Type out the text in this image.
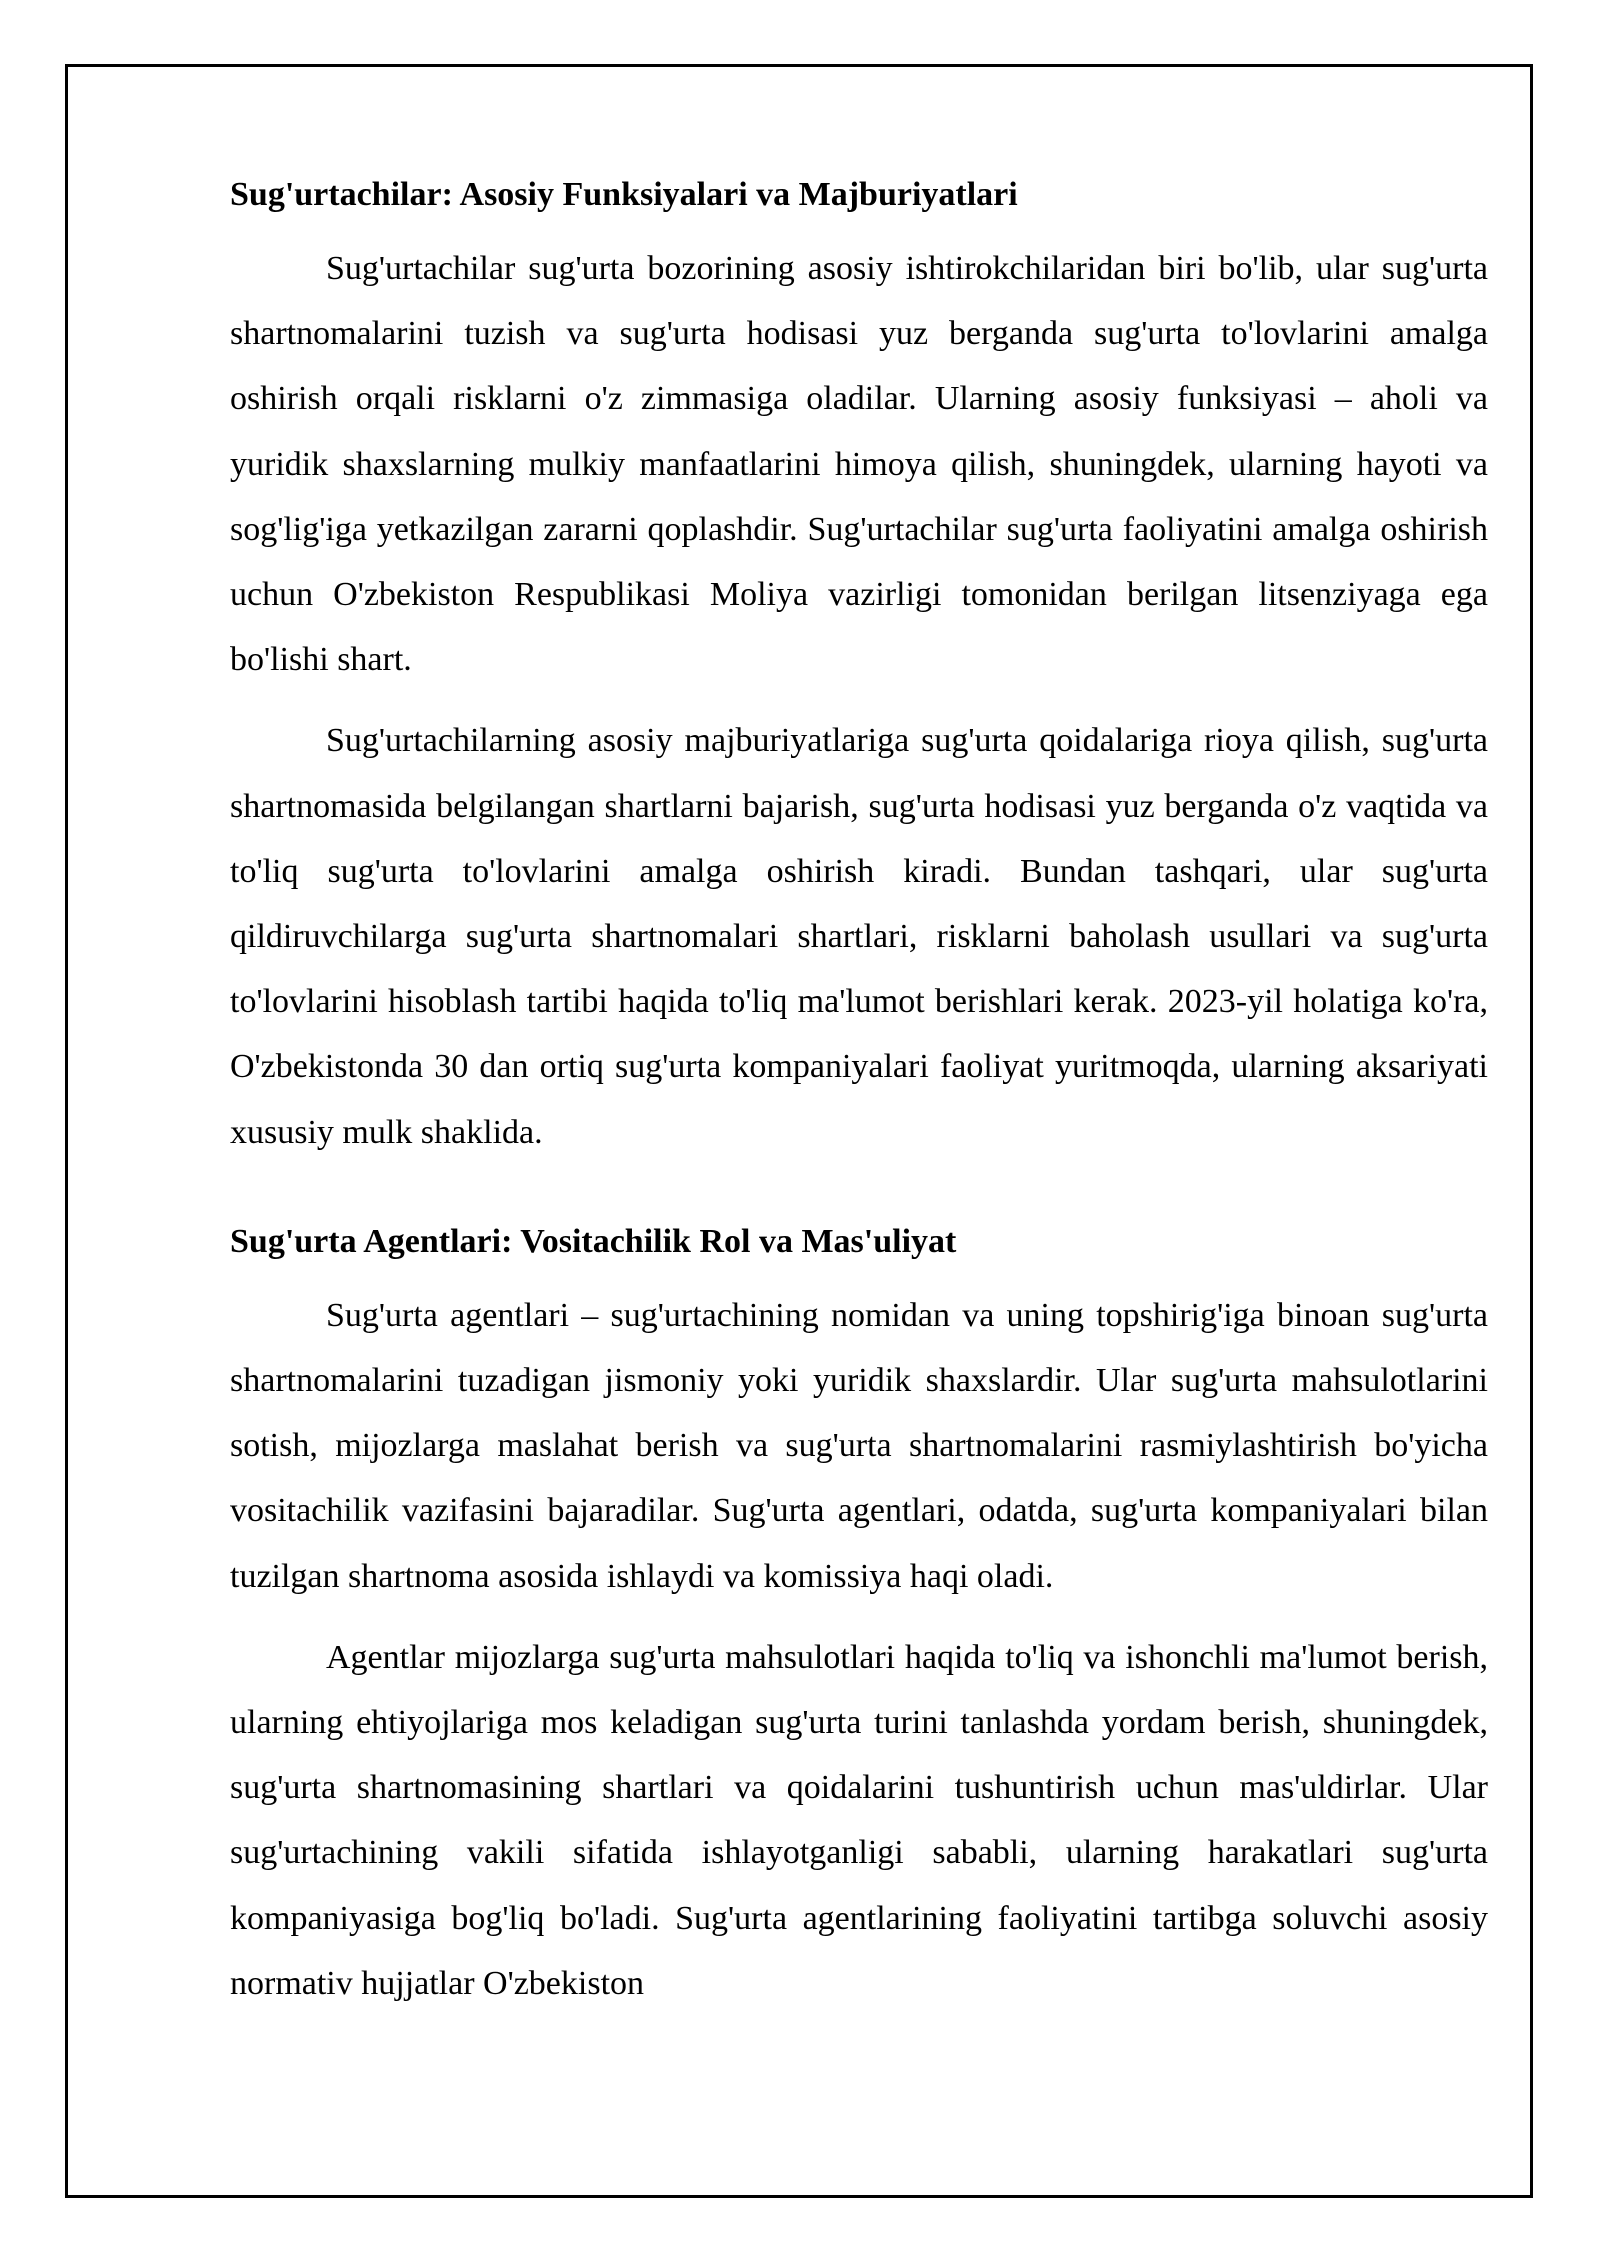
Sug'urtachilar: Asosiy Funksiyalari va Majburiyatlari

Sug'urtachilar sug'urta bozorining asosiy ishtirokchilaridan biri bo'lib, ular sug'urta shartnomalarini tuzish va sug'urta hodisasi yuz berganda sug'urta to'lovlarini amalga oshirish orqali risklarni o'z zimmasiga oladilar. Ularning asosiy funksiyasi – aholi va yuridik shaxslarning mulkiy manfaatlarini himoya qilish, shuningdek, ularning hayoti va sog'lig'iga yetkazilgan zararni qoplashdir. Sug'urtachilar sug'urta faoliyatini amalga oshirish uchun O'zbekiston Respublikasi Moliya vazirligi tomonidan berilgan litsenziyaga ega bo'lishi shart.

Sug'urtachilarning asosiy majburiyatlariga sug'urta qoidalariga rioya qilish, sug'urta shartnomasida belgilangan shartlarni bajarish, sug'urta hodisasi yuz berganda o'z vaqtida va to'liq sug'urta to'lovlarini amalga oshirish kiradi. Bundan tashqari, ular sug'urta qildiruvchilarga sug'urta shartnomalari shartlari, risklarni baholash usullari va sug'urta to'lovlarini hisoblash tartibi haqida to'liq ma'lumot berishlari kerak. 2023-yil holatiga ko'ra, O'zbekistonda 30 dan ortiq sug'urta kompaniyalari faoliyat yuritmoqda, ularning aksariyati xususiy mulk shaklida.

Sug'urta Agentlari: Vositachilik Rol va Mas'uliyat

Sug'urta agentlari – sug'urtachining nomidan va uning topshirig'iga binoan sug'urta shartnomalarini tuzadigan jismoniy yoki yuridik shaxslardir. Ular sug'urta mahsulotlarini sotish, mijozlarga maslahat berish va sug'urta shartnomalarini rasmiylashtirish bo'yicha vositachilik vazifasini bajaradilar. Sug'urta agentlari, odatda, sug'urta kompaniyalari bilan tuzilgan shartnoma asosida ishlaydi va komissiya haqi oladi.

Agentlar mijozlarga sug'urta mahsulotlari haqida to'liq va ishonchli ma'lumot berish, ularning ehtiyojlariga mos keladigan sug'urta turini tanlashda yordam berish, shuningdek, sug'urta shartnomasining shartlari va qoidalarini tushuntirish uchun mas'uldirlar. Ular sug'urtachining vakili sifatida ishlayotganligi sababli, ularning harakatlari sug'urta kompaniyasiga bog'liq bo'ladi. Sug'urta agentlarining faoliyatini tartibga soluvchi asosiy normativ hujjatlar O'zbekiston
